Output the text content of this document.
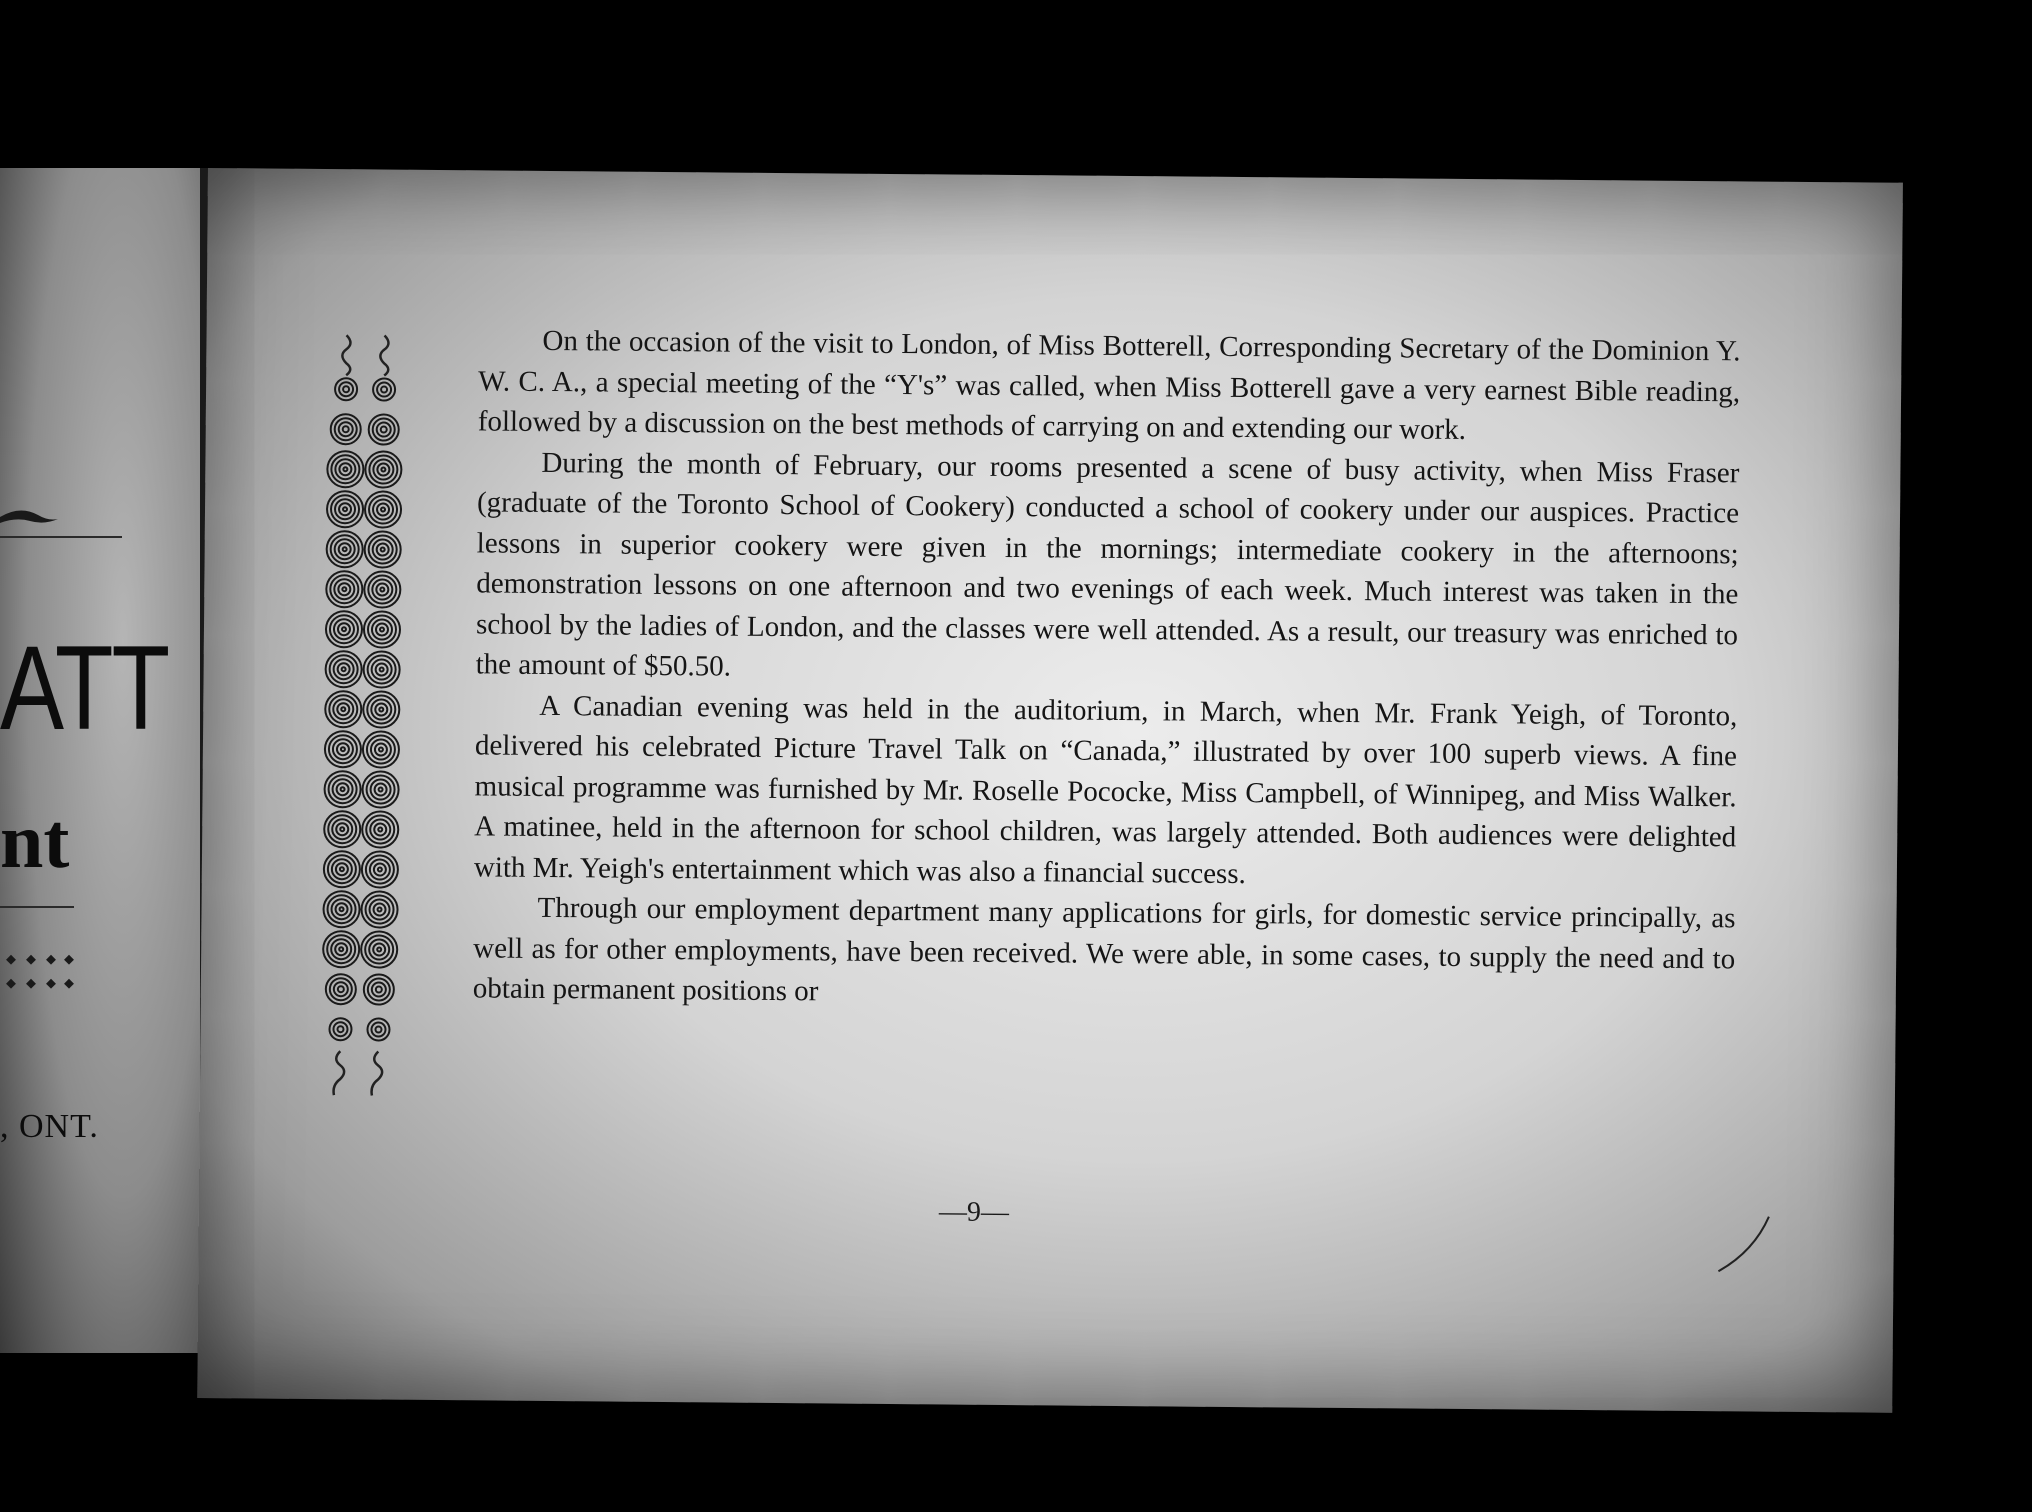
ATT
nt
, ONT.

On the occasion of the visit to London, of Miss Botterell, Corresponding Secretary of the Dominion Y. W. C. A., a special meeting of the “Y's” was called, when Miss Botterell gave a very earnest Bible reading, followed by a discussion on the best methods of carrying on and extending our work.

During the month of February, our rooms presented a scene of busy activity, when Miss Fraser (graduate of the Toronto School of Cookery) conducted a school of cookery under our auspices. Practice lessons in superior cookery were given in the mornings; intermediate cookery in the afternoons; demonstration lessons on one afternoon and two evenings of each week. Much interest was taken in the school by the ladies of London, and the classes were well attended. As a result, our treasury was enriched to the amount of $50.50.

A Canadian evening was held in the auditorium, in March, when Mr. Frank Yeigh, of Toronto, delivered his celebrated Picture Travel Talk on “Canada,” illustrated by over 100 superb views. A fine musical programme was furnished by Mr. Roselle Pococke, Miss Campbell, of Winnipeg, and Miss Walker. A matinee, held in the afternoon for school children, was largely attended. Both audiences were delighted with Mr. Yeigh's entertainment which was also a financial success.

Through our employment department many applications for girls, for domestic service principally, as well as for other employments, have been received. We were able, in some cases, to supply the need and to obtain permanent positions or

—9—
